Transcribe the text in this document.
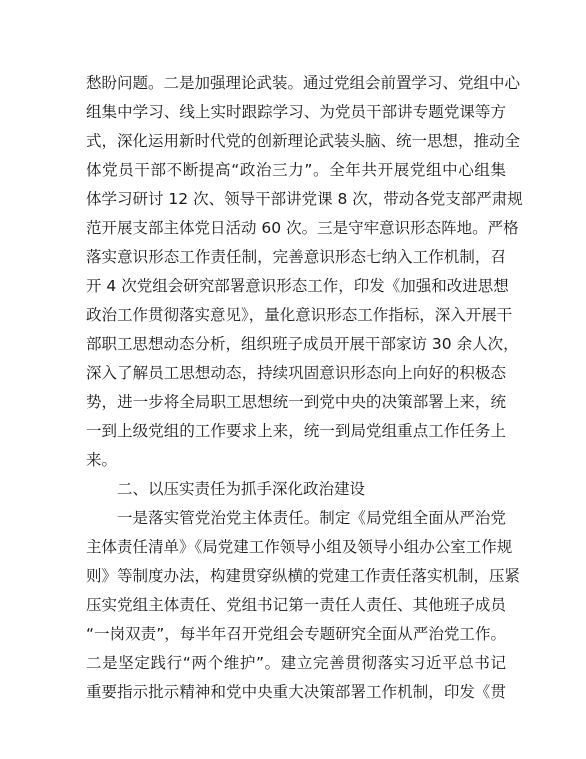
愁盼问题。二是加强理论武装。通过党组会前置学习、党组中心
组集中学习、线上实时跟踪学习、为党员干部讲专题党课等方
式，深化运用新时代党的创新理论武装头脑、统一思想，推动全
体党员干部不断提高“政治三力”。全年共开展党组中心组集
体学习研讨 12 次、领导干部讲党课 8 次，带动各党支部严肃规
范开展支部主体党日活动 60 次。三是守牢意识形态阵地。严格
落实意识形态工作责任制，完善意识形态七纳入工作机制，召
开 4 次党组会研究部署意识形态工作，印发《加强和改进思想
政治工作贯彻落实意见》，量化意识形态工作指标，深入开展干
部职工思想动态分析，组织班子成员开展干部家访 30 余人次，
深入了解员工思想动态，持续巩固意识形态向上向好的积极态
势，进一步将全局职工思想统一到党中央的决策部署上来，统
一到上级党组的工作要求上来，统一到局党组重点工作任务上
来。
二、以压实责任为抓手深化政治建设
一是落实管党治党主体责任。制定《局党组全面从严治党
主体责任清单》《局党建工作领导小组及领导小组办公室工作规
则》等制度办法，构建贯穿纵横的党建工作责任落实机制，压紧
压实党组主体责任、党组书记第一责任人责任、其他班子成员
“一岗双责”，每半年召开党组会专题研究全面从严治党工作。
二是坚定践行“两个维护”。建立完善贯彻落实习近平总书记
重要指示批示精神和党中央重大决策部署工作机制，印发《贯
